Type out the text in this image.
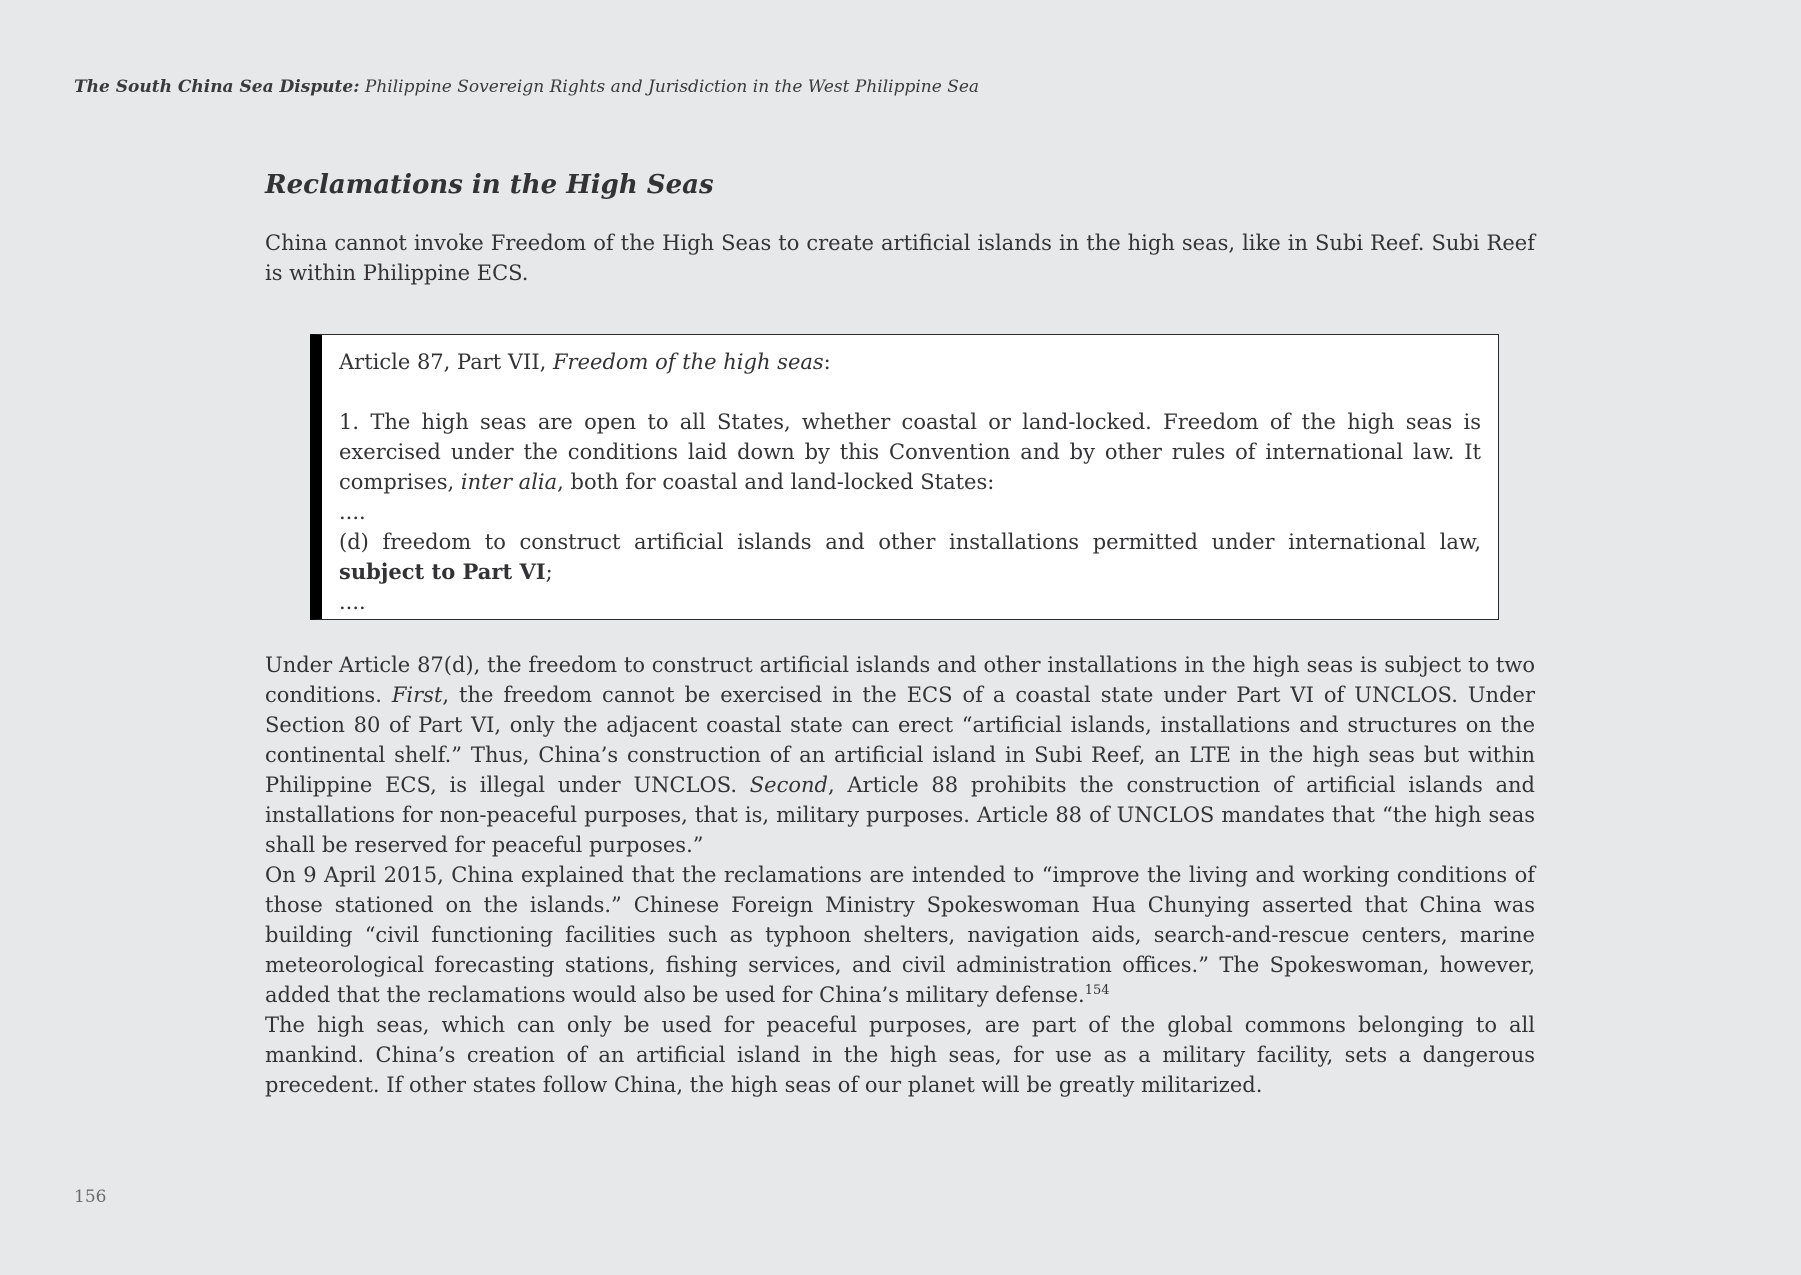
The South China Sea Dispute: Philippine Sovereign Rights and Jurisdiction in the West Philippine Sea
Reclamations in the High Seas

China cannot invoke Freedom of the High Seas to create artificial islands in the high seas, like in Subi Reef. Subi Reef is within Philippine ECS.

Article 87, Part VII, Freedom of the high seas:

1. The high seas are open to all States, whether coastal or land-locked. Freedom of the high seas is exercised under the conditions laid down by this Convention and by other rules of international law. It comprises, inter alia, both for coastal and land-locked States:

....

(d) freedom to construct artificial islands and other installations permitted under international law, subject to Part VI;

....

Under Article 87(d), the freedom to construct artificial islands and other installations in the high seas is subject to two conditions. First, the freedom cannot be exercised in the ECS of a coastal state under Part VI of UNCLOS. Under Section 80 of Part VI, only the adjacent coastal state can erect “artificial islands, installations and structures on the continental shelf.” Thus, China’s construction of an artificial island in Subi Reef, an LTE in the high seas but within Philippine ECS, is illegal under UNCLOS. Second, Article 88 prohibits the construction of artificial islands and installations for non-peaceful purposes, that is, military purposes. Article 88 of UNCLOS mandates that “the high seas shall be reserved for peaceful purposes.”

On 9 April 2015, China explained that the reclamations are intended to “improve the living and working conditions of those stationed on the islands.” Chinese Foreign Ministry Spokeswoman Hua Chunying asserted that China was building “civil functioning facilities such as typhoon shelters, navigation aids, search-and-rescue centers, marine meteorological forecasting stations, fishing services, and civil administration offices.” The Spokeswoman, however, added that the reclamations would also be used for China’s military defense.$^{154}$

The high seas, which can only be used for peaceful purposes, are part of the global commons belonging to all mankind. China’s creation of an artificial island in the high seas, for use as a military facility, sets a dangerous precedent. If other states follow China, the high seas of our planet will be greatly militarized.

156
